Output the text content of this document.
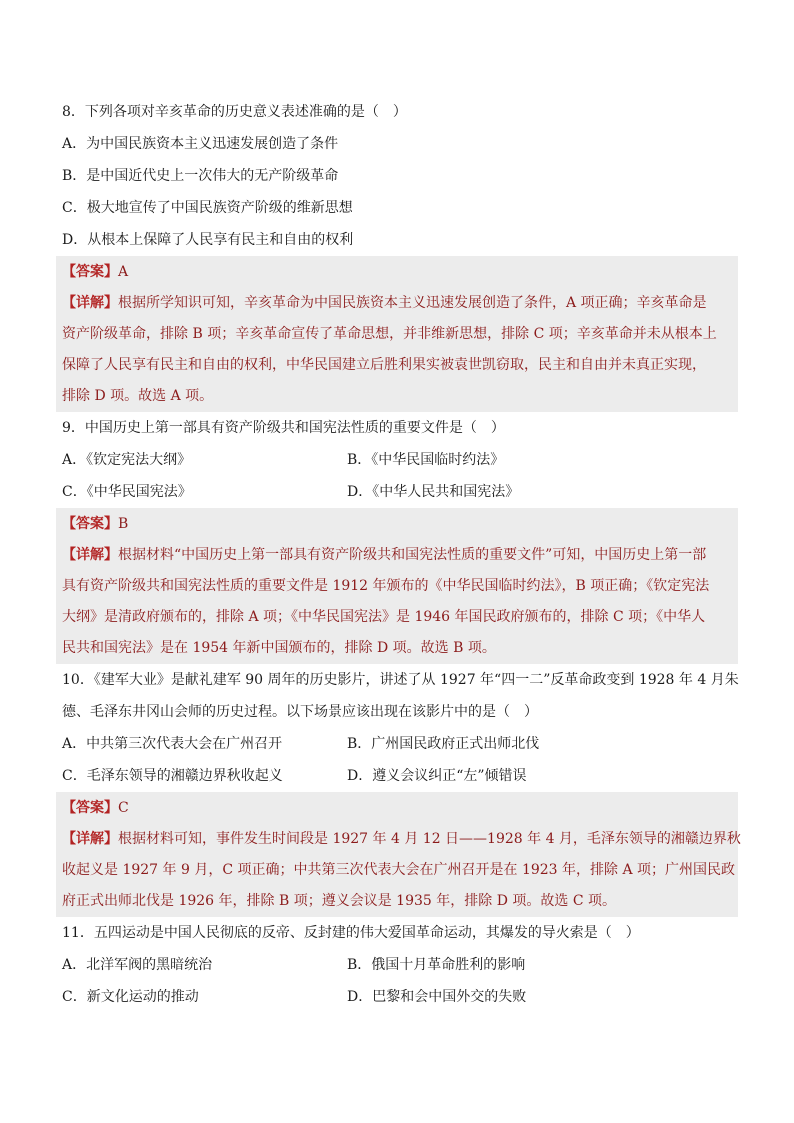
8．下列各项对辛亥革命的历史意义表述准确的是（　）
A．为中国民族资本主义迅速发展创造了条件
B．是中国近代史上一次伟大的无产阶级革命
C．极大地宣传了中国民族资产阶级的维新思想
D．从根本上保障了人民享有民主和自由的权利
【答案】A
【详解】根据所学知识可知，辛亥革命为中国民族资本主义迅速发展创造了条件，A 项正确；辛亥革命是
资产阶级革命，排除 B 项；辛亥革命宣传了革命思想，并非维新思想，排除 C 项；辛亥革命并未从根本上
保障了人民享有民主和自由的权利，中华民国建立后胜利果实被袁世凯窃取，民主和自由并未真正实现，
排除 D 项。故选 A 项。
9．中国历史上第一部具有资产阶级共和国宪法性质的重要文件是（　）
A．《钦定宪法大纲》	B．《中华民国临时约法》
C．《中华民国宪法》	D．《中华人民共和国宪法》
【答案】B
【详解】根据材料“中国历史上第一部具有资产阶级共和国宪法性质的重要文件”可知，中国历史上第一部
具有资产阶级共和国宪法性质的重要文件是 1912 年颁布的《中华民国临时约法》，B 项正确；《钦定宪法
大纲》是清政府颁布的，排除 A 项；《中华民国宪法》是 1946 年国民政府颁布的，排除 C 项；《中华人
民共和国宪法》是在 1954 年新中国颁布的，排除 D 项。故选 B 项。
10．《建军大业》是献礼建军 90 周年的历史影片，讲述了从 1927 年“四一二”反革命政变到 1928 年 4 月朱
德、毛泽东井冈山会师的历史过程。以下场景应该出现在该影片中的是（　）
A．中共第三次代表大会在广州召开	B．广州国民政府正式出师北伐
C．毛泽东领导的湘赣边界秋收起义	D．遵义会议纠正“左”倾错误
【答案】C
【详解】根据材料可知，事件发生时间段是 1927 年 4 月 12 日——1928 年 4 月，毛泽东领导的湘赣边界秋
收起义是 1927 年 9 月，C 项正确；中共第三次代表大会在广州召开是在 1923 年，排除 A 项；广州国民政
府正式出师北伐是 1926 年，排除 B 项；遵义会议是 1935 年，排除 D 项。故选 C 项。
11．五四运动是中国人民彻底的反帝、反封建的伟大爱国革命运动，其爆发的导火索是（　）
A．北洋军阀的黑暗统治	B．俄国十月革命胜利的影响
C．新文化运动的推动	D．巴黎和会中国外交的失败
